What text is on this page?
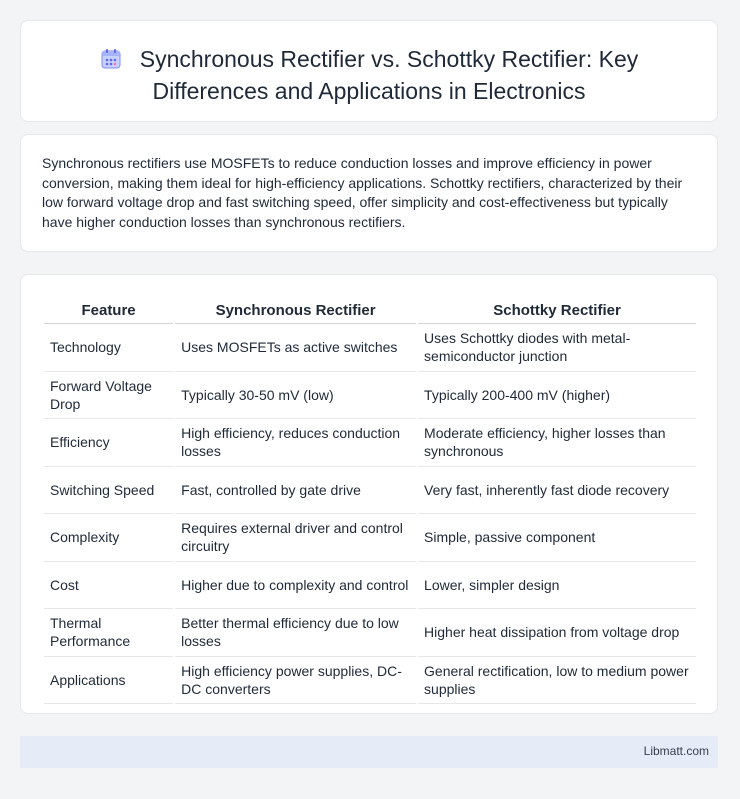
Synchronous Rectifier vs. Schottky Rectifier: Key
Differences and Applications in Electronics

Synchronous rectifiers use MOSFETs to reduce conduction losses and improve efficiency in power conversion, making them ideal for high-efficiency applications. Schottky rectifiers, characterized by their low forward voltage drop and fast switching speed, offer simplicity and cost-effectiveness but typically have higher conduction losses than synchronous rectifiers.

Feature	Synchronous Rectifier	Schottky Rectifier
Technology	Uses MOSFETs as active switches	Uses Schottky diodes with metal-semiconductor junction
Forward Voltage Drop	Typically 30-50 mV (low)	Typically 200-400 mV (higher)
Efficiency	High efficiency, reduces conduction losses	Moderate efficiency, higher losses than synchronous
Switching Speed	Fast, controlled by gate drive	Very fast, inherently fast diode recovery
Complexity	Requires external driver and control circuitry	Simple, passive component
Cost	Higher due to complexity and control	Lower, simpler design
Thermal Performance	Better thermal efficiency due to low losses	Higher heat dissipation from voltage drop
Applications	High efficiency power supplies, DC-DC converters	General rectification, low to medium power supplies
Libmatt.com
